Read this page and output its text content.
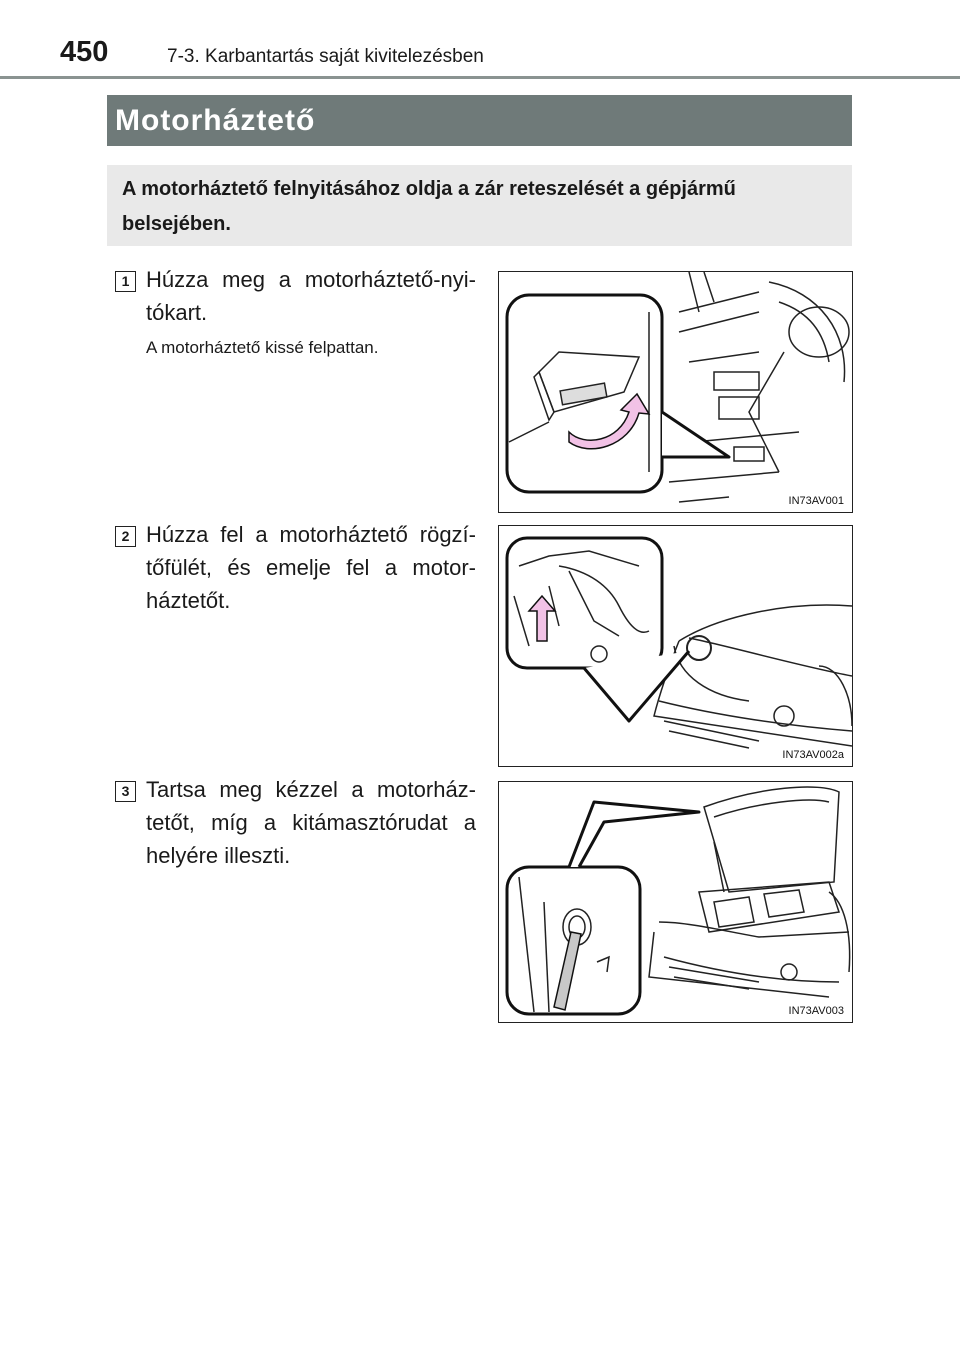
450	7-3. Karbantartás saját kivitelezésben
Motorháztető
A motorháztető felnyitásához oldja a zár reteszelését a gépjármű belsejében.
1 Húzza meg a motorháztető-nyi-tókart.
A motorháztető kissé felpattan.
IN73AV001
2 Húzza fel a motorháztető rögzí-tőfülét, és emelje fel a motor-háztetőt.
IN73AV002a
3 Tartsa meg kézzel a motorház-tetőt, míg a kitámasztórudat a helyére illeszti.
IN73AV003
